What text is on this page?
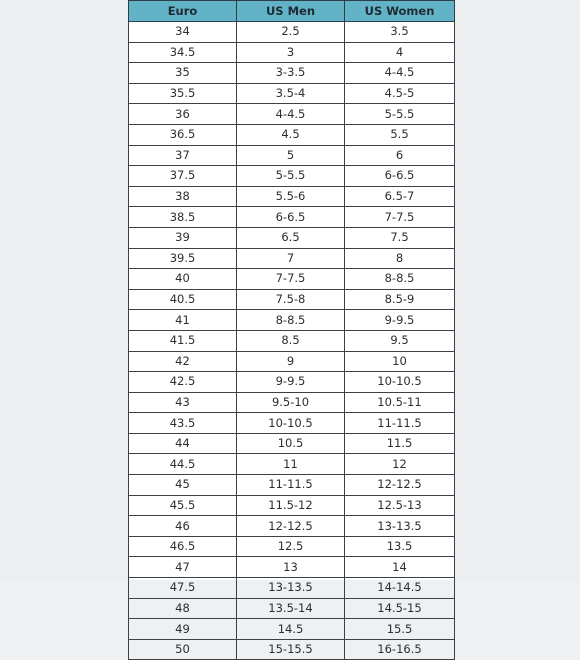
Euro	US Men	US Women
34	2.5	3.5
34.5	3	4
35	3-3.5	4-4.5
35.5	3.5-4	4.5-5
36	4-4.5	5-5.5
36.5	4.5	5.5
37	5	6
37.5	5-5.5	6-6.5
38	5.5-6	6.5-7
38.5	6-6.5	7-7.5
39	6.5	7.5
39.5	7	8
40	7-7.5	8-8.5
40.5	7.5-8	8.5-9
41	8-8.5	9-9.5
41.5	8.5	9.5
42	9	10
42.5	9-9.5	10-10.5
43	9.5-10	10.5-11
43.5	10-10.5	11-11.5
44	10.5	11.5
44.5	11	12
45	11-11.5	12-12.5
45.5	11.5-12	12.5-13
46	12-12.5	13-13.5
46.5	12.5	13.5
47	13	14
47.5	13-13.5	14-14.5
48	13.5-14	14.5-15
49	14.5	15.5
50	15-15.5	16-16.5
